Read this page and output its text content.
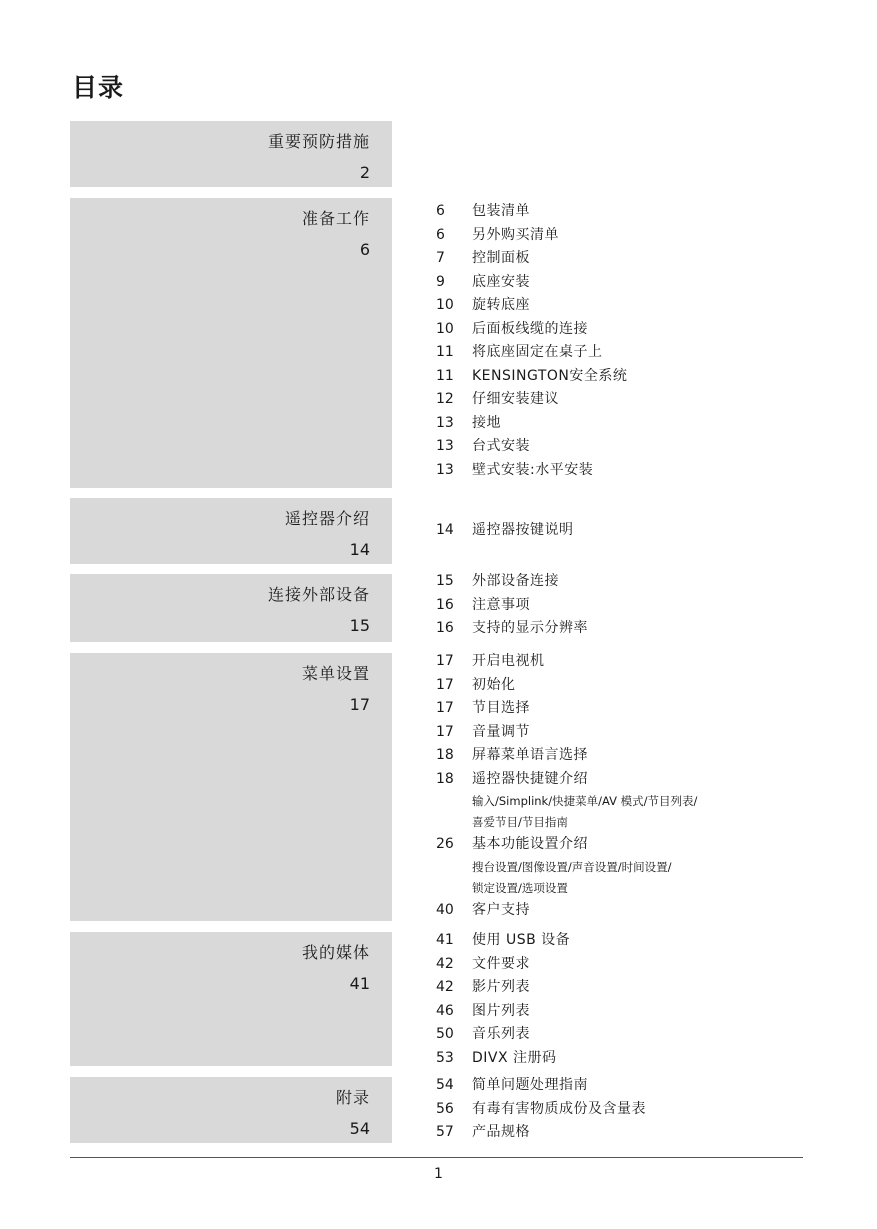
目录
重要预防措施
2
准备工作
6
6	包装清单
6	另外购买清单
7	控制面板
9	底座安装
10	旋转底座
10	后面板线缆的连接
11	将底座固定在桌子上
11	KENSINGTON安全系统
12	仔细安装建议
13	接地
13	台式安装
13	壁式安装:水平安装
遥控器介绍
14
14	遥控器按键说明
连接外部设备
15
15	外部设备连接
16	注意事项
16	支持的显示分辨率
菜单设置
17
17	开启电视机
17	初始化
17	节目选择
17	音量调节
18	屏幕菜单语言选择
18	遥控器快捷键介绍
输入/Simplink/快捷菜单/AV 模式/节目列表/
喜爱节目/节目指南
26	基本功能设置介绍
搜台设置/图像设置/声音设置/时间设置/
锁定设置/选项设置
40	客户支持
我的媒体
41
41	使用 USB 设备
42	文件要求
42	影片列表
46	图片列表
50	音乐列表
53	DIVX 注册码
附录
54
54	简单问题处理指南
56	有毒有害物质成份及含量表
57	产品规格
1
